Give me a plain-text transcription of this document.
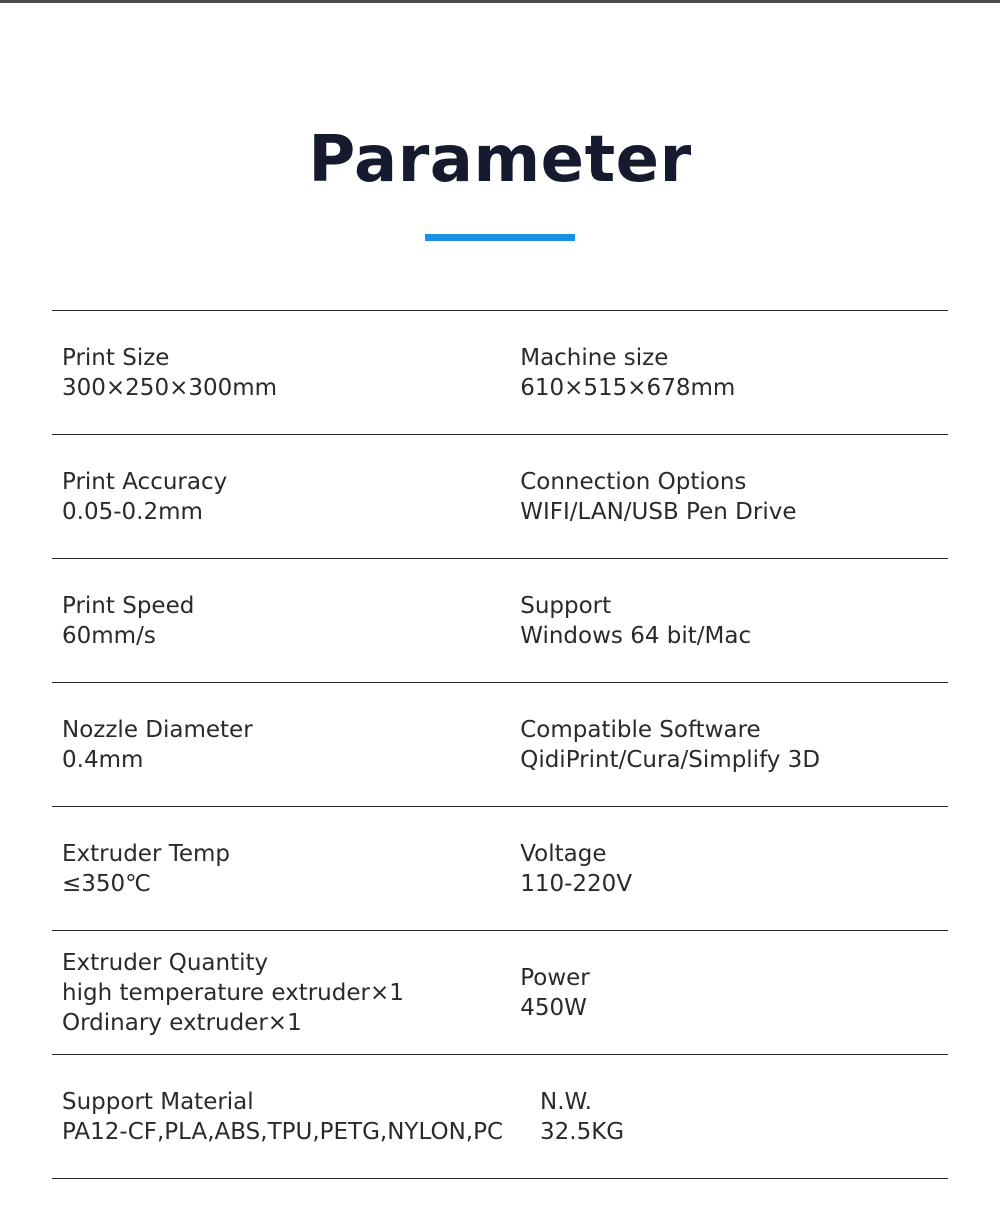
Parameter
Print Size
300×250×300mm
Machine size
610×515×678mm
Print Accuracy
0.05-0.2mm
Connection Options
WIFI/LAN/USB Pen Drive
Print Speed
60mm/s
Support
Windows 64 bit/Mac
Nozzle Diameter
0.4mm
Compatible Software
QidiPrint/Cura/Simplify 3D
Extruder Temp
≤350℃
Voltage
110-220V
Extruder Quantity
high temperature extruder×1
Ordinary extruder×1
Power
450W
Support Material
PA12-CF,PLA,ABS,TPU,PETG,NYLON,PC
N.W.
32.5KG
